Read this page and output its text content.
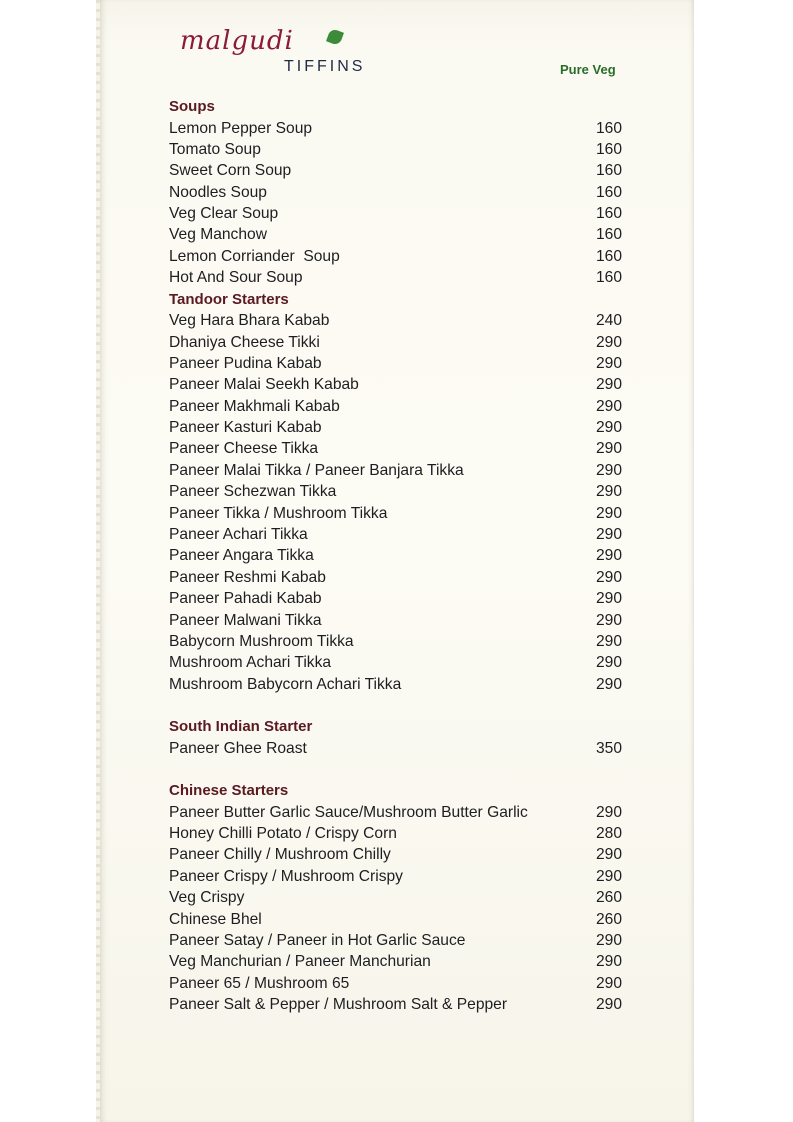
malgudi
TIFFINS	Pure Veg
Soups
Lemon Pepper Soup	160
Tomato Soup	160
Sweet Corn Soup	160
Noodles Soup	160
Veg Clear Soup	160
Veg Manchow	160
Lemon Corriander  Soup	160
Hot And Sour Soup	160
Tandoor Starters
Veg Hara Bhara Kabab	240
Dhaniya Cheese Tikki	290
Paneer Pudina Kabab	290
Paneer Malai Seekh Kabab	290
Paneer Makhmali Kabab	290
Paneer Kasturi Kabab	290
Paneer Cheese Tikka	290
Paneer Malai Tikka / Paneer Banjara Tikka	290
Paneer Schezwan Tikka	290
Paneer Tikka / Mushroom Tikka	290
Paneer Achari Tikka	290
Paneer Angara Tikka	290
Paneer Reshmi Kabab	290
Paneer Pahadi Kabab	290
Paneer Malwani Tikka	290
Babycorn Mushroom Tikka	290
Mushroom Achari Tikka	290
Mushroom Babycorn Achari Tikka	290
South Indian Starter
Paneer Ghee Roast	350
Chinese Starters
Paneer Butter Garlic Sauce/Mushroom Butter Garlic	290
Honey Chilli Potato / Crispy Corn	280
Paneer Chilly / Mushroom Chilly	290
Paneer Crispy / Mushroom Crispy	290
Veg Crispy	260
Chinese Bhel	260
Paneer Satay / Paneer in Hot Garlic Sauce	290
Veg Manchurian / Paneer Manchurian	290
Paneer 65 / Mushroom 65	290
Paneer Salt & Pepper / Mushroom Salt & Pepper	290
